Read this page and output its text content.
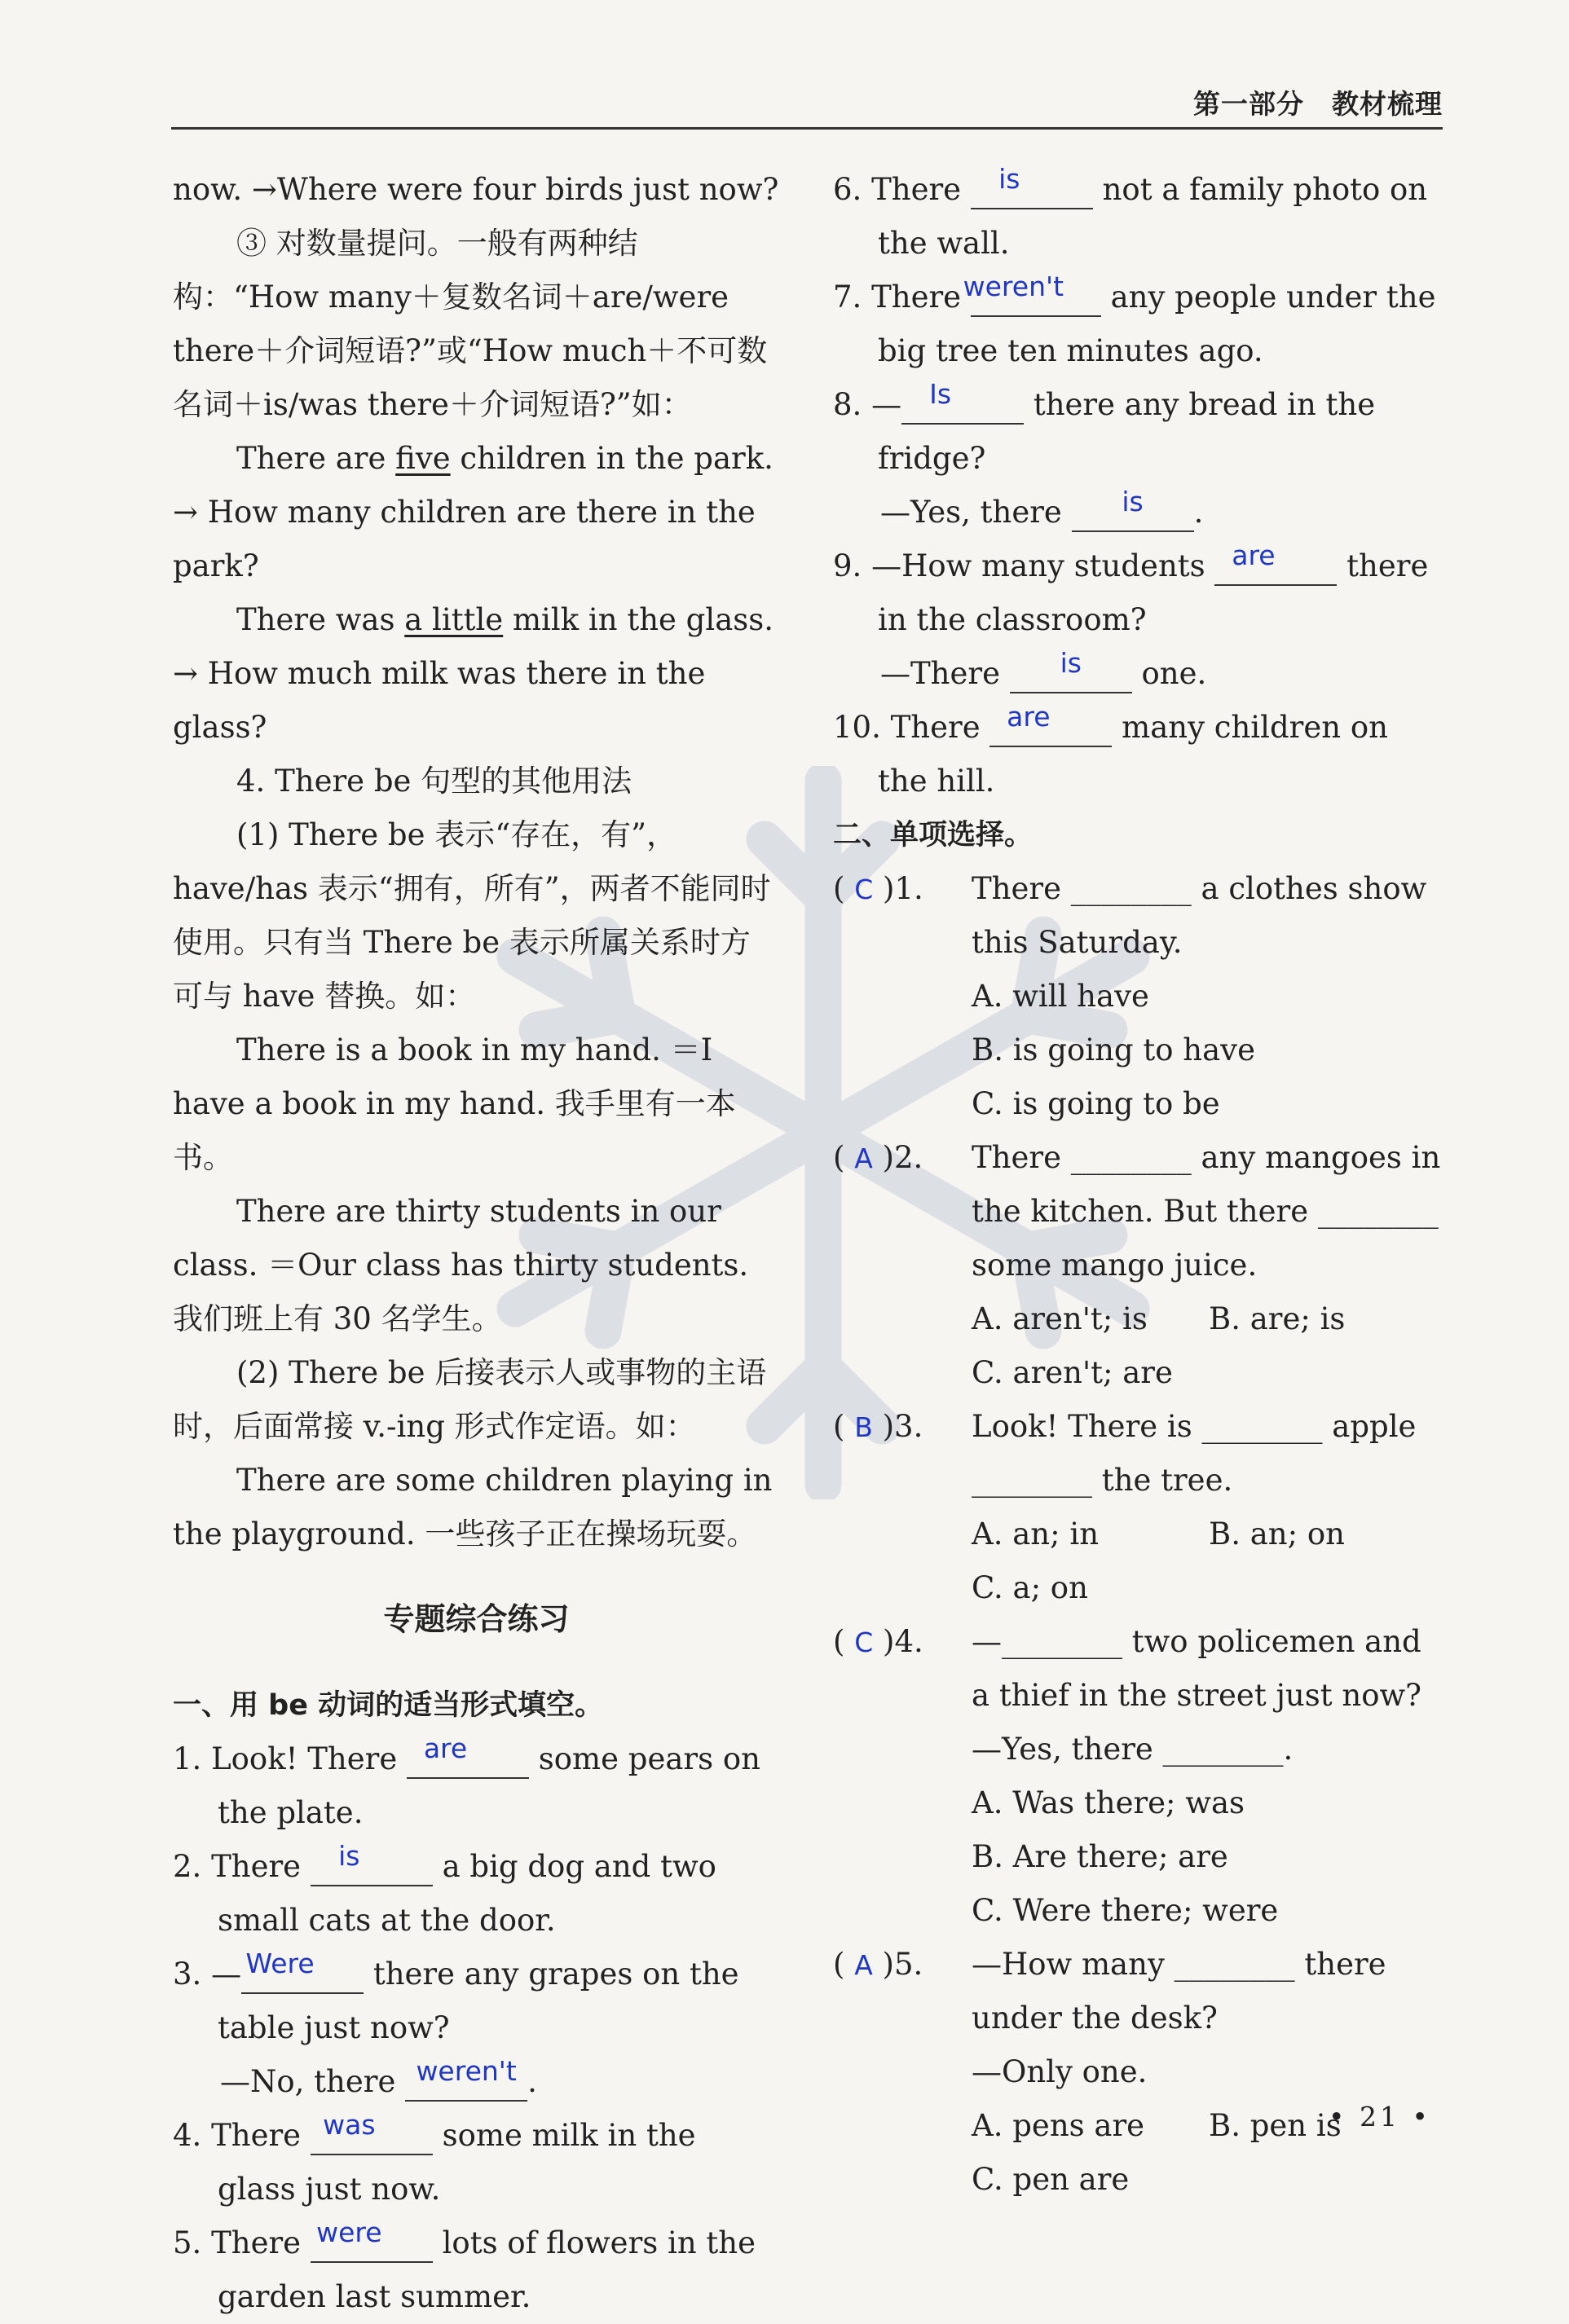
第一部分　教材梳理

now. →Where were four birds just now?

③ 对数量提问。一般有两种结构：“How many＋复数名词＋are/were there＋介词短语?”或“How much＋不可数名词＋is/was there＋介词短语?”如：

There are five children in the park. → How many children are there in the park?

There was a little milk in the glass. → How much milk was there in the glass?

4. There be 句型的其他用法

(1) There be 表示“存在，有”，have/has 表示“拥有，所有”，两者不能同时使用。只有当 There be 表示所属关系时方可与 have 替换。如：

There is a book in my hand. ＝I have a book in my hand. 我手里有一本书。

There are thirty students in our class. ＝Our class has thirty students. 我们班上有 30 名学生。

(2) There be 后接表示人或事物的主语时，后面常接 v.-ing 形式作定语。如：

There are some children playing in the playground. 一些孩子正在操场玩耍。

专题综合练习

一、用 be 动词的适当形式填空。

1. Look! There are some pears on the plate.

2. There is a big dog and two small cats at the door.

3. — Were there any grapes on the table just now?

—No, there weren't .

4. There was some milk in the glass just now.

5. There were lots of flowers in the garden last summer.

6. There is not a family photo on the wall.

7. There weren't any people under the big tree ten minutes ago.

8. — Is there any bread in the fridge?

—Yes, there is .

9. —How many students are there in the classroom?

—There is one.

10. There are many children on the hill.

二、单项选择。

( C )1. There ________ a clothes show this Saturday.

A. will have

B. is going to have

C. is going to be

( A )2. There ________ any mangoes in the kitchen. But there ________ some mango juice.

A. aren't; is	B. are; is

C. aren't; are

( B )3. Look! There is ________ apple ________ the tree.

A. an; in	B. an; on

C. a; on

( C )4. —________ two policemen and a thief in the street just now?

—Yes, there ________.

A. Was there; was

B. Are there; are

C. Were there; were

( A )5. —How many ________ there under the desk?

—Only one.

A. pens are	B. pen is

C. pen are

• 21 •
